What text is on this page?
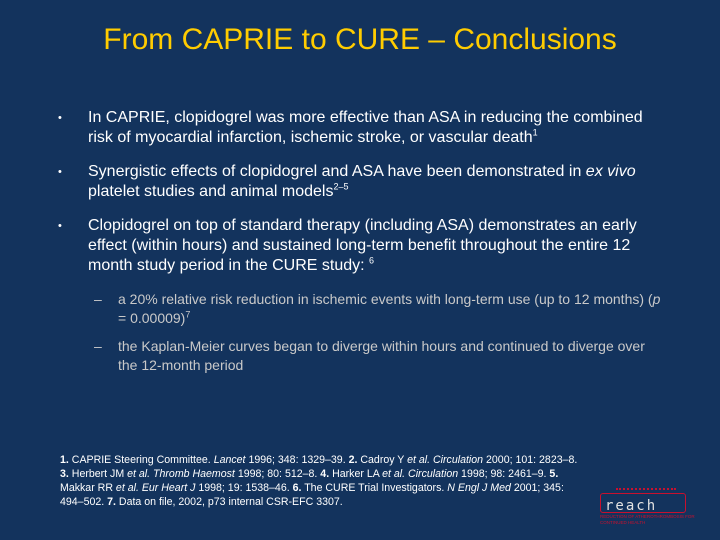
From CAPRIE to CURE – Conclusions
• In CAPRIE, clopidogrel was more effective than ASA in reducing the combined risk of myocardial infarction, ischemic stroke, or vascular death$^1$
• Synergistic effects of clopidogrel and ASA have been demonstrated in ex vivo platelet studies and animal models$^{2-5}$
• Clopidogrel on top of standard therapy (including ASA) demonstrates an early effect (within hours) and sustained long-term benefit throughout the entire 12 month study period in the CURE study: $^6$
– a 20% relative risk reduction in ischemic events with long-term use (up to 12 months) (p = 0.00009)$^7$
– the Kaplan-Meier curves began to diverge within hours and continued to diverge over the 12-month period
1. CAPRIE Steering Committee. Lancet 1996; 348: 1329–39. 2. Cadroy Y et al. Circulation 2000; 101: 2823–8. 3. Herbert JM et al. Thromb Haemost 1998; 80: 512–8. 4. Harker LA et al. Circulation 1998; 98: 2461–9. 5. Makkar RR et al. Eur Heart J 1998; 19: 1538–46. 6. The CURE Trial Investigators. N Engl J Med 2001; 345: 494–502. 7. Data on file, 2002, p73 internal CSR-EFC 3307.	reach
REDUCTION OF ATHEROTHROMBOSIS FOR CONTINUED HEALTH
